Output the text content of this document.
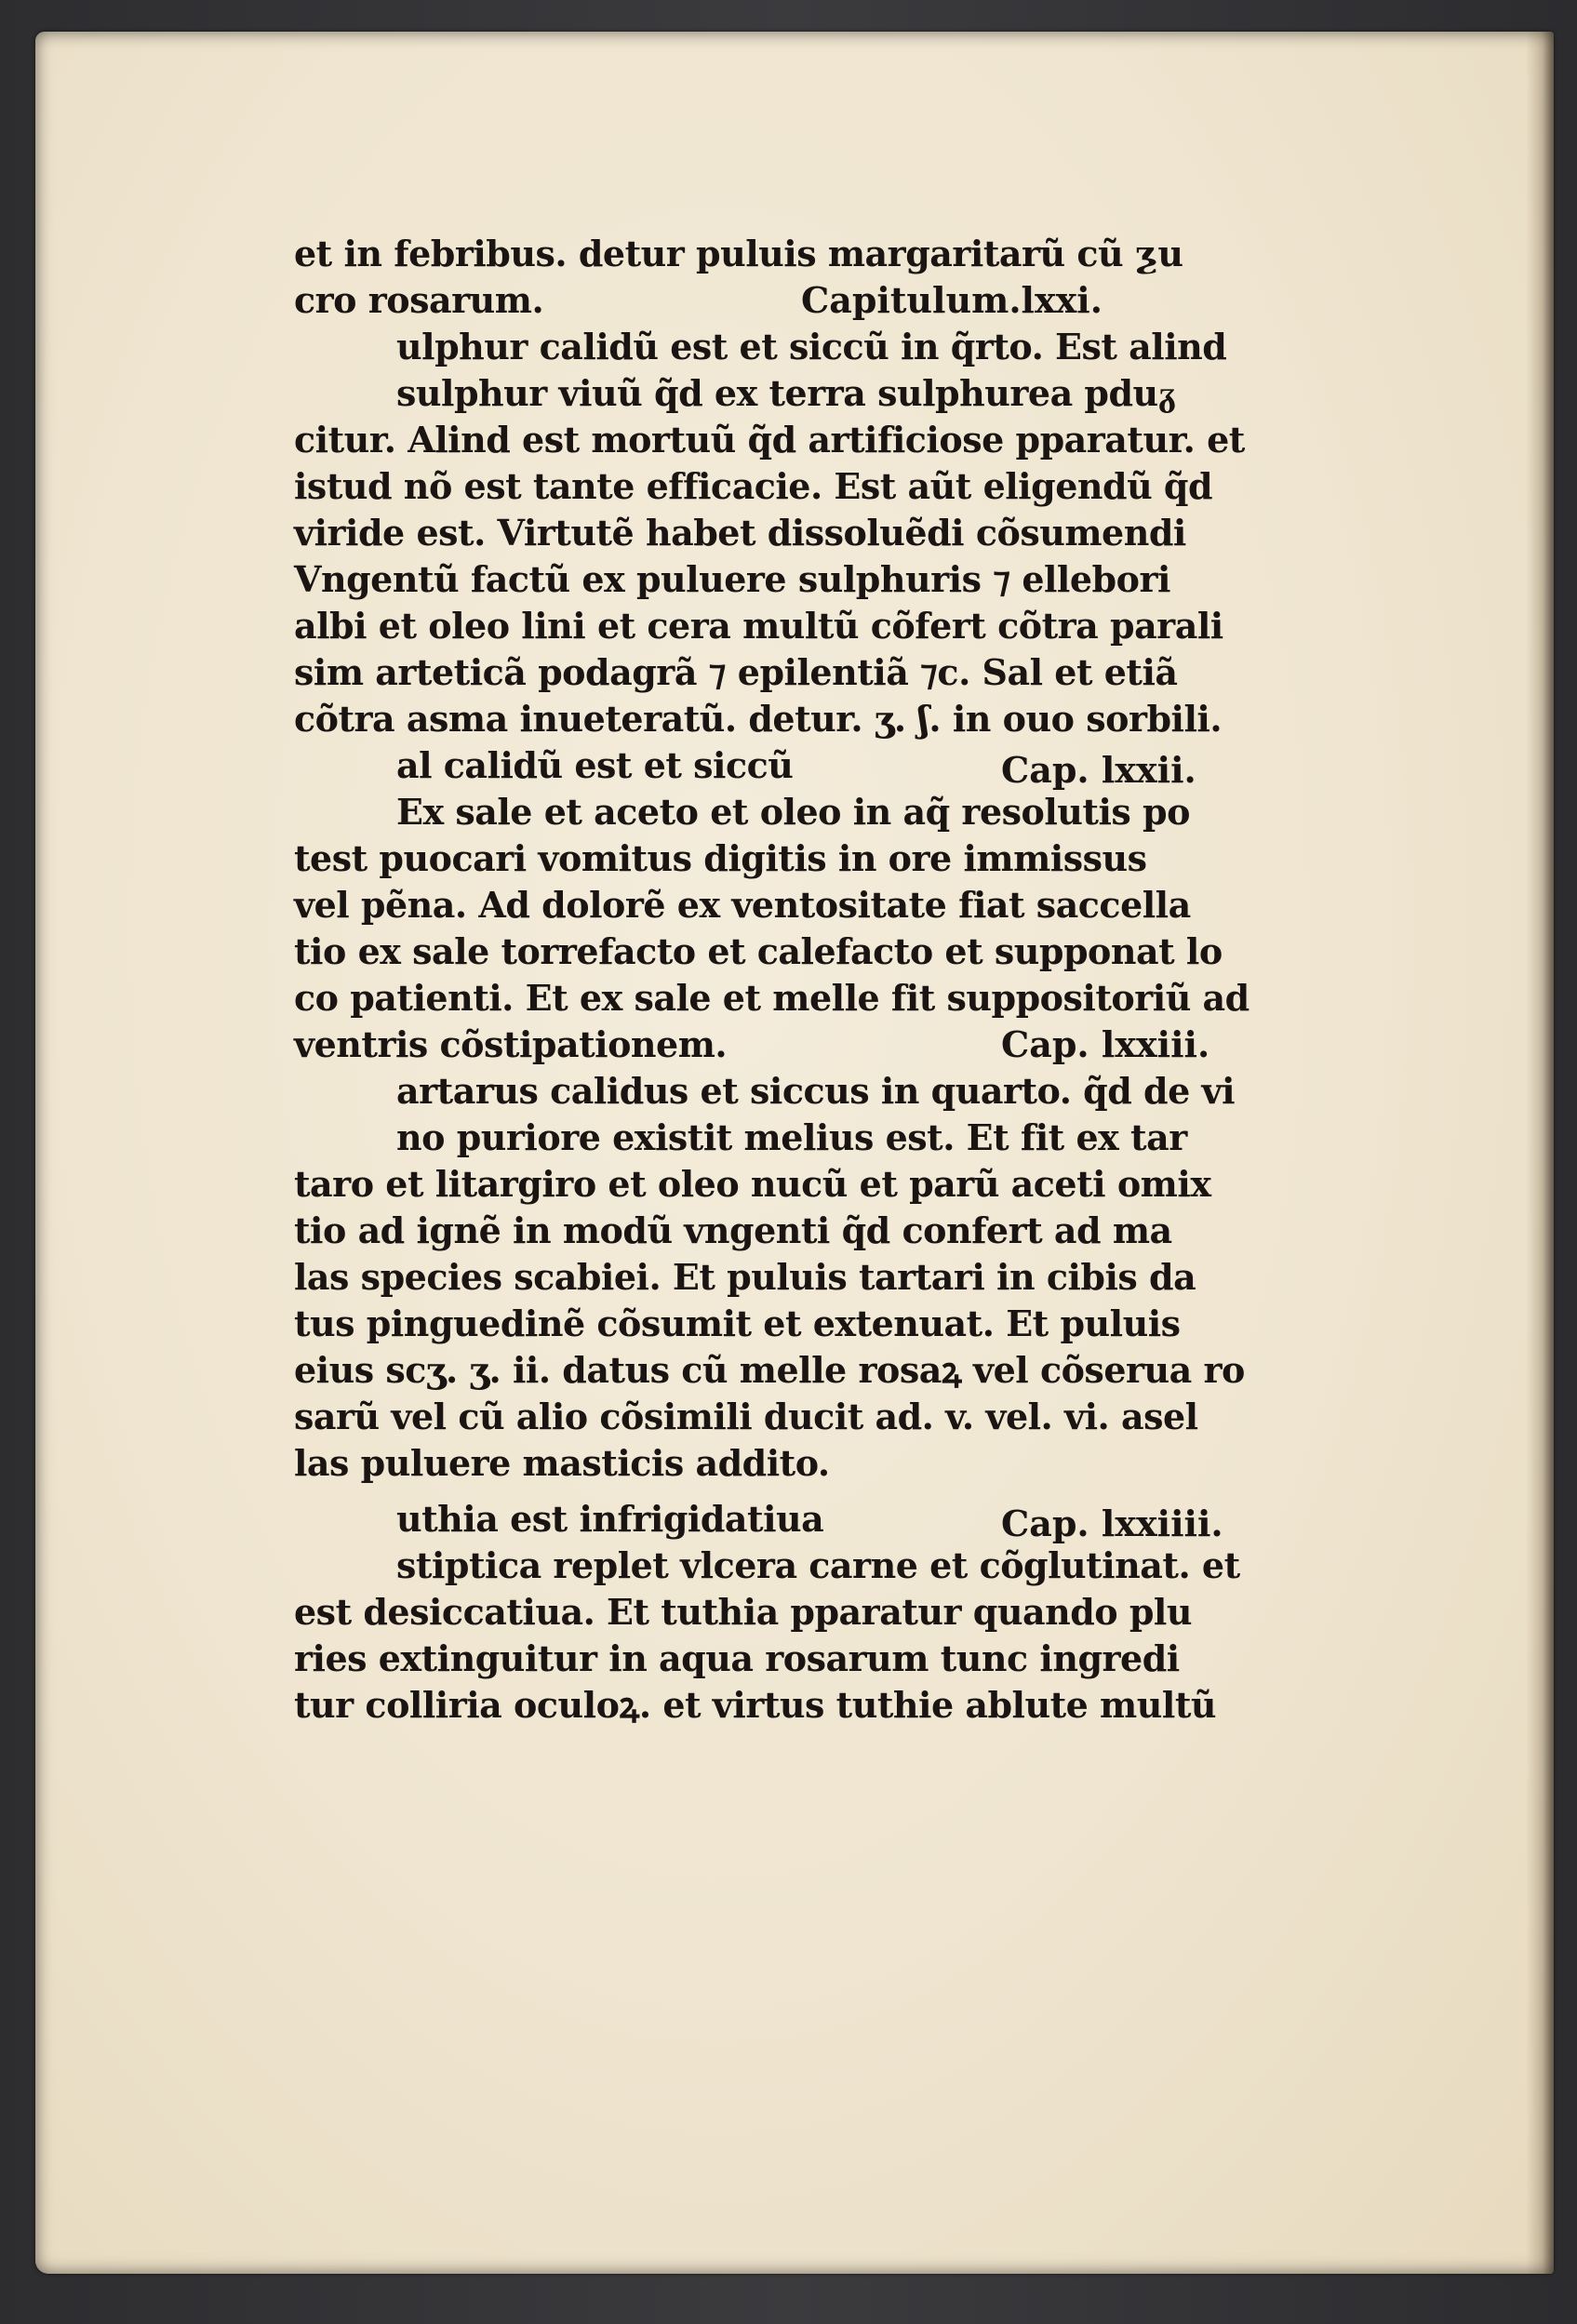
et in febribus. detur puluis margaritarũ cũ ƺu
cro rosarum.	Capitulum.lxxi.
ulphur calidũ est et siccũ in q̃rto. Est alind
sulphur viuũ q̃d ex terra sulphurea pduᵹ
citur. Alind est mortuũ q̃d artificiose pparatur. et
istud nõ est tante efficacie. Est aũt eligendũ q̃d
viride est. Virtutẽ habet dissoluẽdi cõsumendi
Vngentũ factũ ex puluere sulphuris ⁊ ellebori
albi et oleo lini et cera multũ cõfert cõtra parali
sim arteticã podagrã ⁊ epilentiã ⁊c. Sal et etiã
cõtra asma inueteratũ. detur. ʒ. ʃ. in ouo sorbili.
al calidũ est et siccũ	Cap. lxxii.
Ex sale et aceto et oleo in aq̃ resolutis po
test puocari vomitus digitis in ore immissus
vel pẽna. Ad dolorẽ ex ventositate fiat saccella
tio ex sale torrefacto et calefacto et supponat lo
co patienti. Et ex sale et melle fit suppositoriũ ad
ventris cõstipationem.	Cap. lxxiii.
artarus calidus et siccus in quarto. q̃d de vi
no puriore existit melius est. Et fit ex tar
taro et litargiro et oleo nucũ et parũ aceti omix
tio ad ignẽ in modũ vngenti q̃d confert ad ma
las species scabiei. Et puluis tartari in cibis da
tus pinguedinẽ cõsumit et extenuat. Et puluis
eius scʒ. ʒ. ii. datus cũ melle rosaꝝ vel cõserua ro
sarũ vel cũ alio cõsimili ducit ad. v. vel. vi. asel
las puluere masticis addito.
uthia est infrigidatiua	Cap. lxxiiii.
stiptica replet vlcera carne et cõglutinat. et
est desiccatiua. Et tuthia pparatur quando plu
ries extinguitur in aqua rosarum tunc ingredi
tur colliria oculoꝝ. et virtus tuthie ablute multũ
